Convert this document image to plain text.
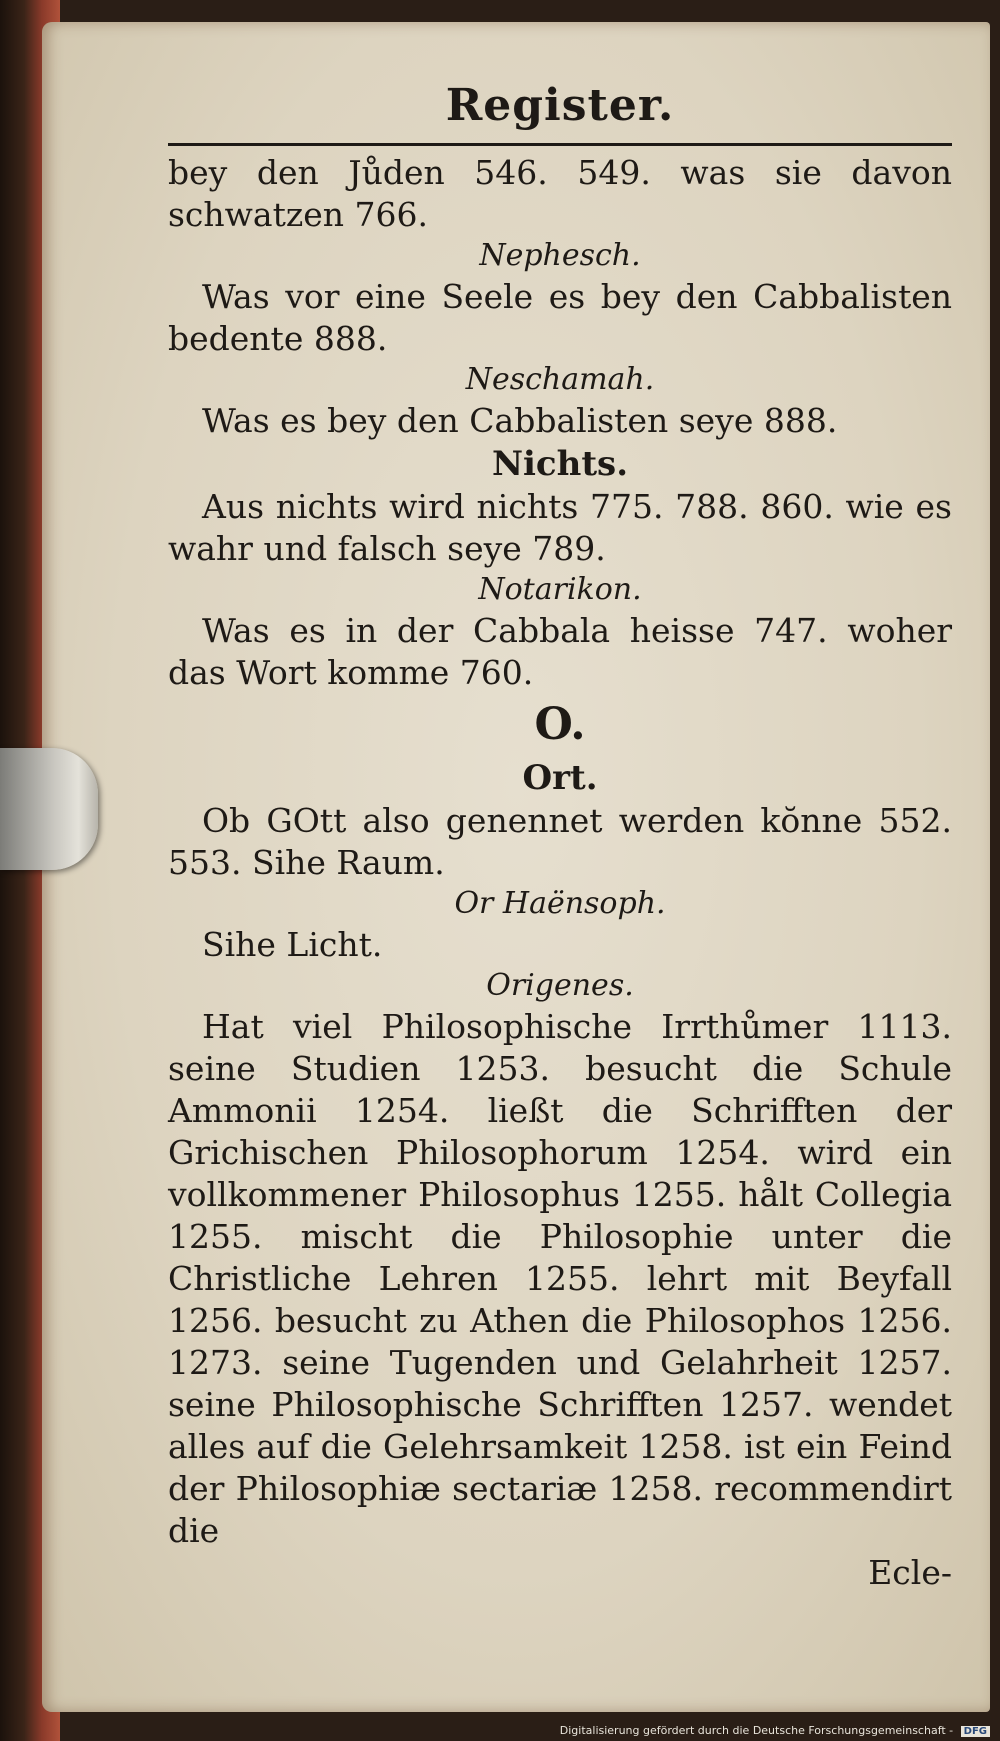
Register.

bey den Jůden 546. 549. was sie davon schwatzen 766.

Nephesch.

Was vor eine Seele es bey den Cabbalisten bedente 888.

Neschamah.

Was es bey den Cabbalisten seye 888.

Nichts.

Aus nichts wird nichts 775. 788. 860. wie es wahr und falsch seye 789.

Notarikon.

Was es in der Cabbala heisse 747. woher das Wort komme 760.

O.

Ort.

Ob GOtt also genennet werden kŏnne 552. 553. Sihe Raum.

Or Haënsoph.

Sihe Licht.

Origenes.

Hat viel Philosophische Irrthůmer 1113. seine Studien 1253. besucht die Schule Ammonii 1254. ließt die Schrifften der Grichischen Philosophorum 1254. wird ein vollkommener Philosophus 1255. hålt Collegia 1255. mischt die Philosophie unter die Christliche Lehren 1255. lehrt mit Beyfall 1256. besucht zu Athen die Philosophos 1256. 1273. seine Tugenden und Gelahrheit 1257. seine Philosophische Schrifften 1257. wendet alles auf die Gelehrsamkeit 1258. ist ein Feind der Philosophiæ sectariæ 1258. recommendirt die

Ecle-
Digitalisierung gefördert durch die Deutsche Forschungsgemeinschaft - DFG
